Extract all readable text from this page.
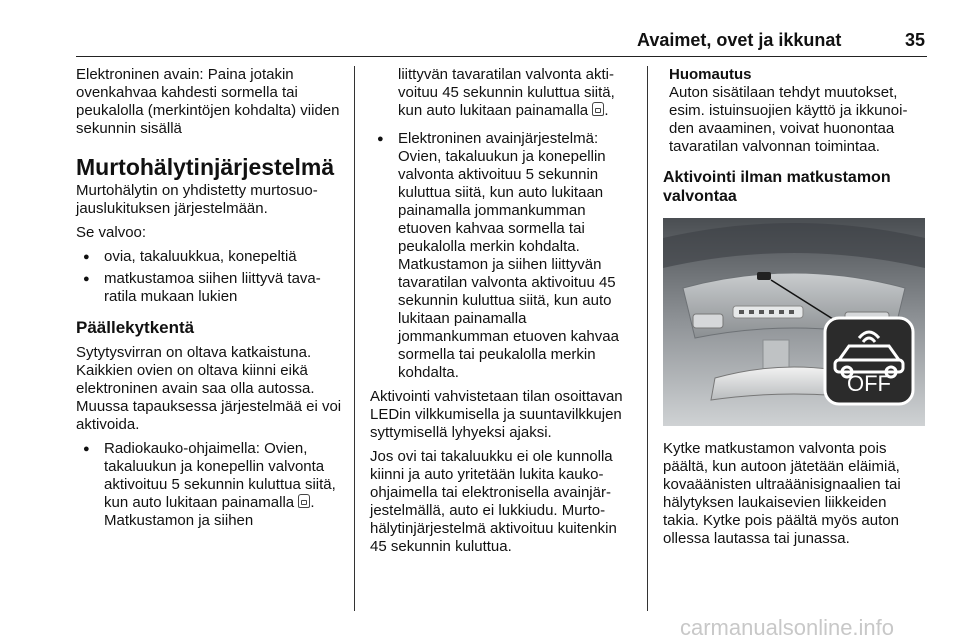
Avaimet, ovet ja ikkunat	35

Elektroninen avain: Paina jotakin ovenkahvaa kahdesti sormella tai peukalolla (merkintöjen kohdalta) viiden sekunnin sisällä

Murtohälytinjärjestelmä

Murtohälytin on yhdistetty murtosuojauslukituksen järjestelmään.

Se valvoo:

● ovia, takaluukkua, konepeltiä
● matkustamoa siihen liittyvä tavaratila mukaan lukien
Päällekytkentä

Sytytysvirran on oltava katkaistuna. Kaikkien ovien on oltava kiinni eikä elektroninen avain saa olla autossa. Muussa tapauksessa järjestelmää ei voi aktivoida.

● Radiokauko-ohjaimella: Ovien, takaluukun ja konepellin valvonta aktivoituu 5 sekunnin kuluttua siitä, kun auto lukitaan painamalla . Matkustamon ja siihen

liittyvän tavaratilan valvonta aktivoituu 45 sekunnin kuluttua siitä, kun auto lukitaan painamalla .

● Elektroninen avainjärjestelmä: Ovien, takaluukun ja konepellin valvonta aktivoituu 5 sekunnin kuluttua siitä, kun auto lukitaan painamalla jommankumman etuoven kahvaa sormella tai peukalolla merkin kohdalta. Matkustamon ja siihen liittyvän tavaratilan valvonta aktivoituu 45 sekunnin kuluttua siitä, kun auto lukitaan painamalla jommankumman etuoven kahvaa sormella tai peukalolla merkin kohdalta.

Aktivointi vahvistetaan tilan osoittavan LEDin vilkkumisella ja suuntavilkkujen syttymisellä lyhyeksi ajaksi.

Jos ovi tai takaluukku ei ole kunnolla kiinni ja auto yritetään lukita kaukoohjaimella tai elektronisella avainjärjestelmällä, auto ei lukkiudu. Murtohälytinjärjestelmä aktivoituu kuitenkin 45 sekunnin kuluttua.

Huomautus

Auton sisätilaan tehdyt muutokset, esim. istuinsuojien käyttö ja ikkunoiden avaaminen, voivat huonontaa tavaratilan valvonnan toimintaa.

Aktivointi ilman matkustamon valvontaa
OFF

Kytke matkustamon valvonta pois päältä, kun autoon jätetään eläimiä, kovaäänisten ultraäänisignaalien tai hälytyksen laukaisevien liikkeiden takia. Kytke pois päältä myös auton ollessa lautassa tai junassa.

carmanualsonline.info
